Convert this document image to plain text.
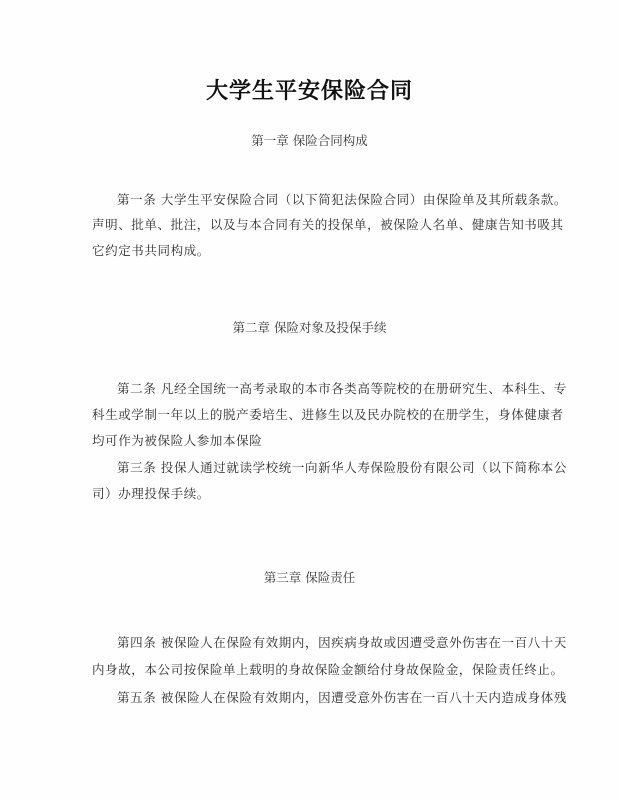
大学生平安保险合同
第一章 保险合同构成
第一条 大学生平安保险合同（以下简犯法保险合同）由保险单及其所载条款。
声明、批单、批注，以及与本合同有关的投保单，被保险人名单、健康告知书吸其
它约定书共同构成。
第二章 保险对象及投保手续
第二条 凡经全国统一高考录取的本市各类高等院校的在册研究生、本科生、专
科生或学制一年以上的脱产委培生、进修生以及民办院校的在册学生，身体健康者
均可作为被保险人参加本保险
第三条 投保人通过就读学校统一向新华人寿保险股份有限公司（以下简称本公
司）办理投保手续。
第三章 保险责任
第四条 被保险人在保险有效期内，因疾病身故或因遭受意外伤害在一百八十天
内身故，本公司按保险单上载明的身故保险金额给付身故保险金，保险责任终止。
第五条 被保险人在保险有效期内，因遭受意外伤害在一百八十天内造成身体残
